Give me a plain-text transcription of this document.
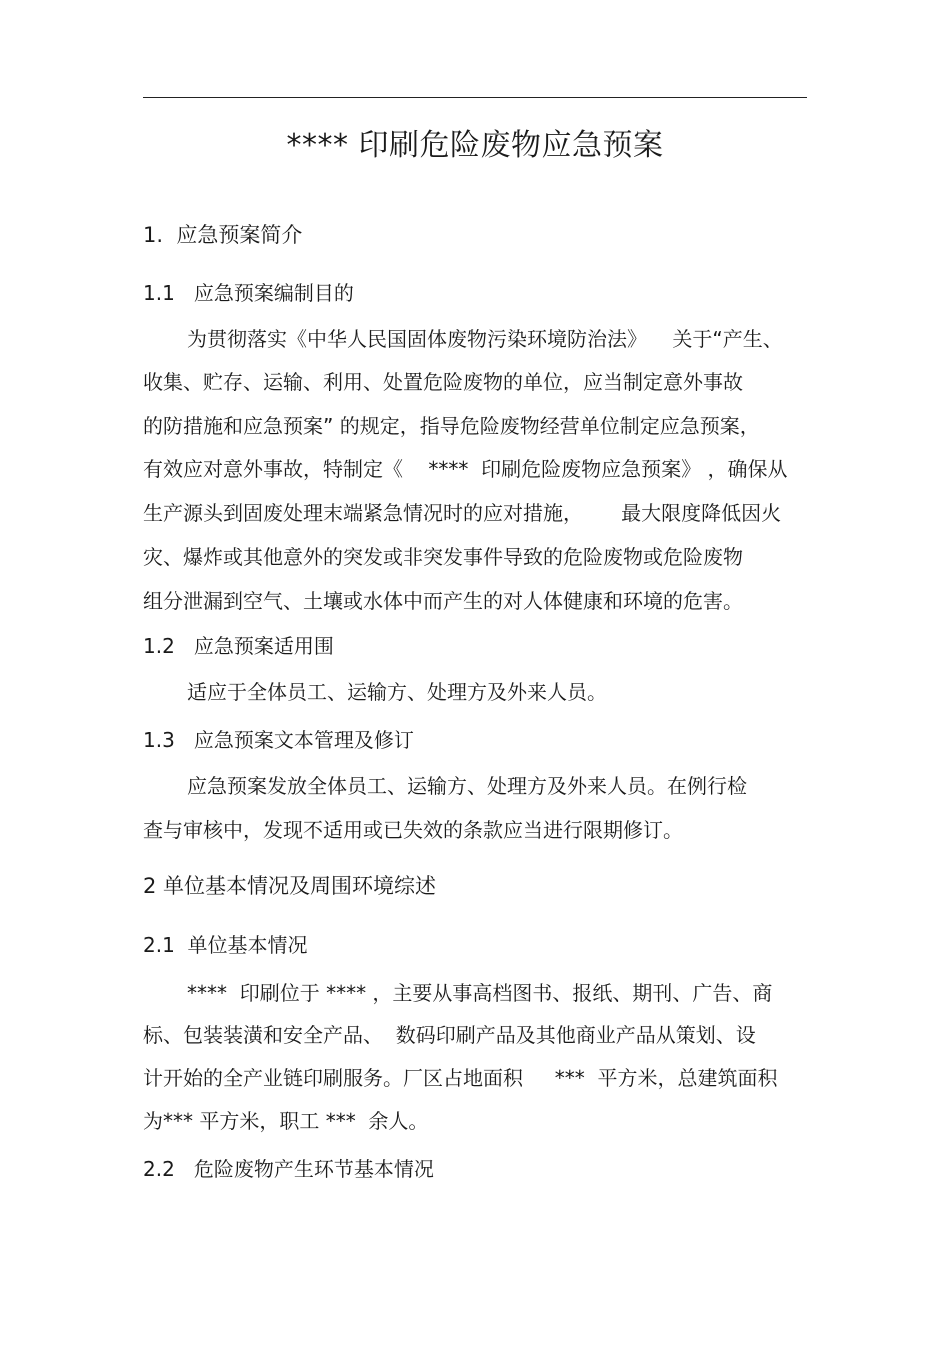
**** 印刷危险废物应急预案
1.  应急预案简介
1.1   应急预案编制目的
为贯彻落实《中华人民国固体废物污染环境防治法》    关于“产生、
收集、贮存、运输、利用、处置危险废物的单位，应当制定意外事故
的防措施和应急预案” 的规定，指导危险废物经营单位制定应急预案，
有效应对意外事故，特制定《    ****  印刷危险废物应急预案》 ，确保从
生产源头到固废处理末端紧急情况时的应对措施，      最大限度降低因火
灾、爆炸或其他意外的突发或非突发事件导致的危险废物或危险废物
组分泄漏到空气、土壤或水体中而产生的对人体健康和环境的危害。
1.2   应急预案适用围
适应于全体员工、运输方、处理方及外来人员。
1.3   应急预案文本管理及修订
应急预案发放全体员工、运输方、处理方及外来人员。在例行检
查与审核中，发现不适用或已失效的条款应当进行限期修订。
2 单位基本情况及周围环境综述
2.1  单位基本情况
****  印刷位于 **** ，主要从事高档图书、报纸、期刊、广告、商
标、包装装潢和安全产品、  数码印刷产品及其他商业产品从策划、设
计开始的全产业链印刷服务。厂区占地面积     ***  平方米，总建筑面积
为*** 平方米，职工 ***  余人。
2.2   危险废物产生环节基本情况
